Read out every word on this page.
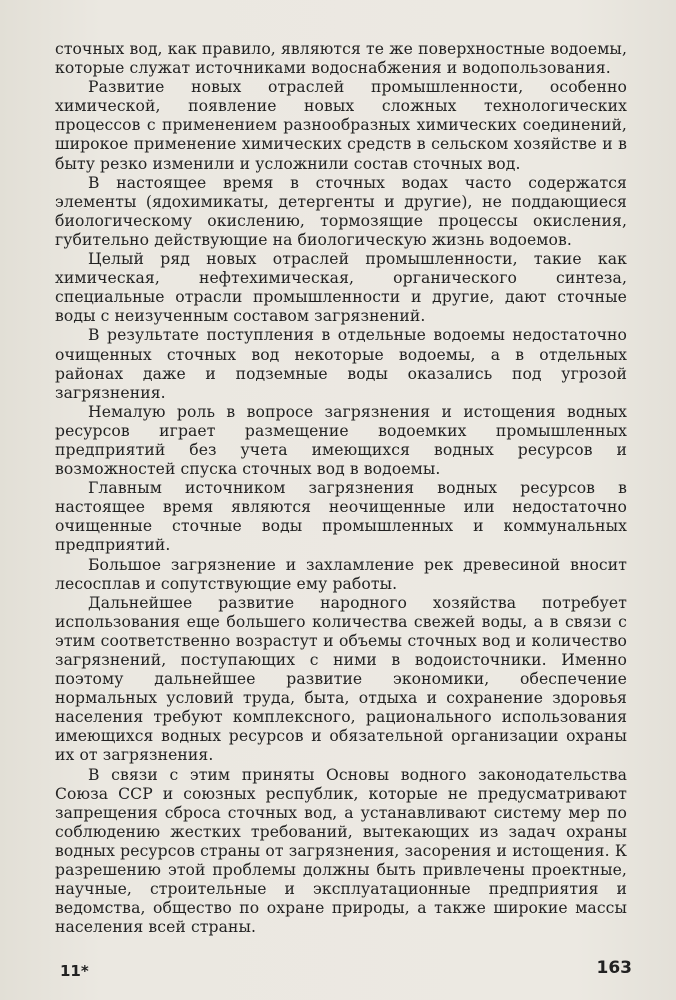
сточных вод, как правило, являются те же поверхностные водоемы, которые служат источниками водоснабжения и водопользования.

Развитие новых отраслей промышленности, особенно химической, появление новых сложных технологических процессов с применением разнообразных химических соединений, широкое применение химических средств в сельском хозяйстве и в быту резко изменили и усложнили состав сточных вод.

В настоящее время в сточных водах часто содержатся элементы (ядохимикаты, детергенты и другие), не поддающиеся биологическому окислению, тормозящие процессы окисления, губительно действующие на биологическую жизнь водоемов.

Целый ряд новых отраслей промышленности, такие как химическая, нефтехимическая, органического синтеза, специальные отрасли промышленности и другие, дают сточные воды с неизученным составом загрязнений.

В результате поступления в отдельные водоемы недостаточно очищенных сточных вод некоторые водоемы, а в отдельных районах даже и подземные воды оказались под угрозой загрязнения.

Немалую роль в вопросе загрязнения и истощения водных ресурсов играет размещение водоемких промышленных предприятий без учета имеющихся водных ресурсов и возможностей спуска сточных вод в водоемы.

Главным источником загрязнения водных ресурсов в настоящее время являются неочищенные или недостаточно очищенные сточные воды промышленных и коммунальных предприятий.

Большое загрязнение и захламление рек древесиной вносит лесосплав и сопутствующие ему работы.

Дальнейшее развитие народного хозяйства потребует использования еще большего количества свежей воды, а в связи с этим соответственно возрастут и объемы сточных вод и количество загрязнений, поступающих с ними в водоисточники. Именно поэтому дальнейшее развитие экономики, обеспечение нормальных условий труда, быта, отдыха и сохранение здоровья населения требуют комплексного, рационального использования имеющихся водных ресурсов и обязательной организации охраны их от загрязнения.

В связи с этим приняты Основы водного законодательства Союза ССР и союзных республик, которые не предусматривают запрещения сброса сточных вод, а устанавливают систему мер по соблюдению жестких требований, вытекающих из задач охраны водных ресурсов страны от загрязнения, засорения и истощения. К разрешению этой проблемы должны быть привлечены проектные, научные, строительные и эксплуатационные предприятия и ведомства, общество по охране природы, а также широкие массы населения всей страны.

11*	163
